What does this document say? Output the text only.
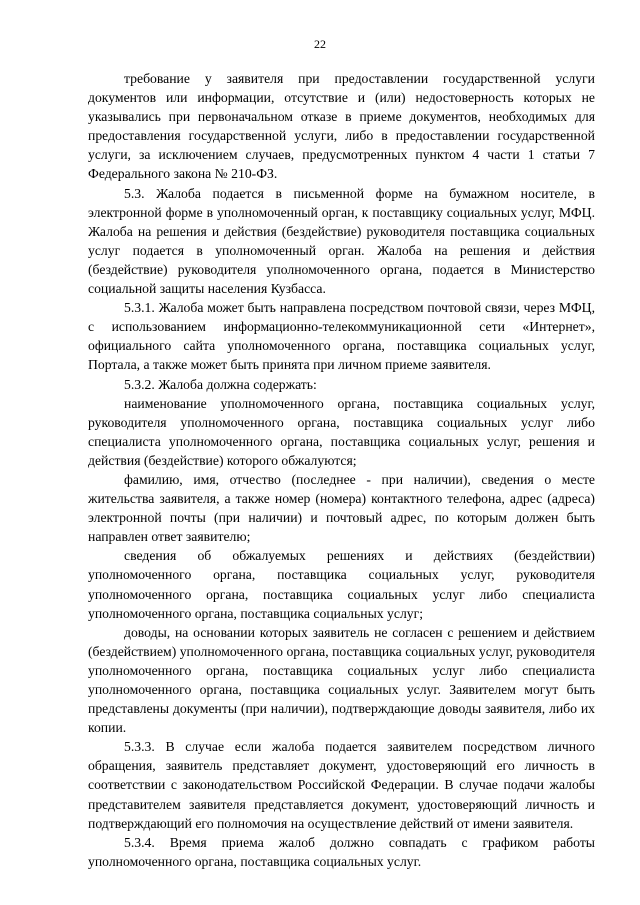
22

требование у заявителя при предоставлении государственной услуги документов или информации, отсутствие и (или) недостоверность которых не указывались при первоначальном отказе в приеме документов, необходимых для предоставления государственной услуги, либо в предоставлении государственной услуги, за исключением случаев, предусмотренных пунктом 4 части 1 статьи 7 Федерального закона № 210-ФЗ.

5.3. Жалоба подается в письменной форме на бумажном носителе, в электронной форме в уполномоченный орган, к поставщику социальных услуг, МФЦ. Жалоба на решения и действия (бездействие) руководителя поставщика социальных услуг подается в уполномоченный орган. Жалоба на решения и действия (бездействие) руководителя уполномоченного органа, подается в Министерство социальной защиты населения Кузбасса.

5.3.1. Жалоба может быть направлена посредством почтовой связи, через МФЦ, с использованием информационно-телекоммуникационной сети «Интернет», официального сайта уполномоченного органа, поставщика социальных услуг, Портала, а также может быть принята при личном приеме заявителя.

5.3.2. Жалоба должна содержать:

наименование уполномоченного органа, поставщика социальных услуг, руководителя уполномоченного органа, поставщика социальных услуг либо специалиста уполномоченного органа, поставщика социальных услуг, решения и действия (бездействие) которого обжалуются;

фамилию, имя, отчество (последнее - при наличии), сведения о месте жительства заявителя, а также номер (номера) контактного телефона, адрес (адреса) электронной почты (при наличии) и почтовый адрес, по которым должен быть направлен ответ заявителю;

сведения об обжалуемых решениях и действиях (бездействии) уполномоченного органа, поставщика социальных услуг, руководителя уполномоченного органа, поставщика социальных услуг либо специалиста уполномоченного органа, поставщика социальных услуг;

доводы, на основании которых заявитель не согласен с решением и действием (бездействием) уполномоченного органа, поставщика социальных услуг, руководителя уполномоченного органа, поставщика социальных услуг либо специалиста уполномоченного органа, поставщика социальных услуг. Заявителем могут быть представлены документы (при наличии), подтверждающие доводы заявителя, либо их копии.

5.3.3. В случае если жалоба подается заявителем посредством личного обращения, заявитель представляет документ, удостоверяющий его личность в соответствии с законодательством Российской Федерации. В случае подачи жалобы представителем заявителя представляется документ, удостоверяющий личность и подтверждающий его полномочия на осуществление действий от имени заявителя.

5.3.4. Время приема жалоб должно совпадать с графиком работы уполномоченного органа, поставщика социальных услуг.
